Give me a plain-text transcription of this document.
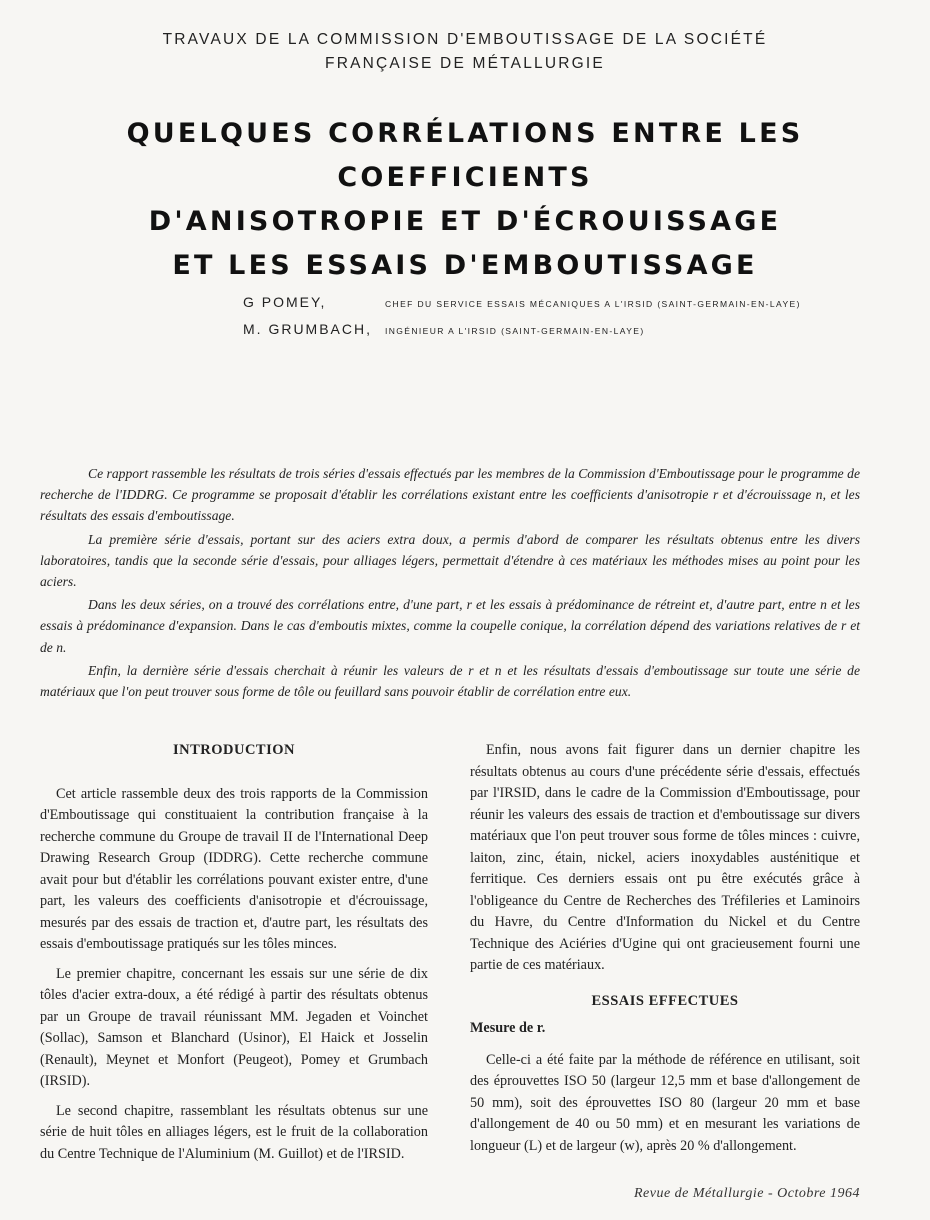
TRAVAUX DE LA COMMISSION D'EMBOUTISSAGE DE LA SOCIÉTÉ
FRANÇAISE DE MÉTALLURGIE
QUELQUES CORRÉLATIONS ENTRE LES COEFFICIENTS
D'ANISOTROPIE ET D'ÉCROUISSAGE
ET LES ESSAIS D'EMBOUTISSAGE
G POMEY,	CHEF DU SERVICE ESSAIS MÉCANIQUES A L'IRSID (SAINT-GERMAIN-EN-LAYE)
M. GRUMBACH,	INGÉNIEUR A L'IRSID (SAINT-GERMAIN-EN-LAYE)

Ce rapport rassemble les résultats de trois séries d'essais effectués par les membres de la Commission d'Emboutissage pour le programme de recherche de l'IDDRG. Ce programme se proposait d'établir les corrélations existant entre les coefficients d'anisotropie r et d'écrouissage n, et les résultats des essais d'emboutissage.

La première série d'essais, portant sur des aciers extra doux, a permis d'abord de comparer les résultats obtenus entre les divers laboratoires, tandis que la seconde série d'essais, pour alliages légers, permettait d'étendre à ces matériaux les méthodes mises au point pour les aciers.

Dans les deux séries, on a trouvé des corrélations entre, d'une part, r et les essais à prédominance de rétreint et, d'autre part, entre n et les essais à prédominance d'expansion. Dans le cas d'emboutis mixtes, comme la coupelle conique, la corrélation dépend des variations relatives de r et de n.

Enfin, la dernière série d'essais cherchait à réunir les valeurs de r et n et les résultats d'essais d'emboutissage sur toute une série de matériaux que l'on peut trouver sous forme de tôle ou feuillard sans pouvoir établir de corrélation entre eux.

INTRODUCTION

Cet article rassemble deux des trois rapports de la Commission d'Emboutissage qui constituaient la contribution française à la recherche commune du Groupe de travail II de l'International Deep Drawing Research Group (IDDRG). Cette recherche commune avait pour but d'établir les corrélations pouvant exister entre, d'une part, les valeurs des coefficients d'anisotropie et d'écrouissage, mesurés par des essais de traction et, d'autre part, les résultats des essais d'emboutissage pratiqués sur les tôles minces.

Le premier chapitre, concernant les essais sur une série de dix tôles d'acier extra-doux, a été rédigé à partir des résultats obtenus par un Groupe de travail réunissant MM. Jegaden et Voinchet (Sollac), Samson et Blanchard (Usinor), El Haick et Josselin (Renault), Meynet et Monfort (Peugeot), Pomey et Grumbach (IRSID).

Le second chapitre, rassemblant les résultats obtenus sur une série de huit tôles en alliages légers, est le fruit de la collaboration du Centre Technique de l'Aluminium (M. Guillot) et de l'IRSID.

Enfin, nous avons fait figurer dans un dernier chapitre les résultats obtenus au cours d'une précédente série d'essais, effectués par l'IRSID, dans le cadre de la Commission d'Emboutissage, pour réunir les valeurs des essais de traction et d'emboutissage sur divers matériaux que l'on peut trouver sous forme de tôles minces : cuivre, laiton, zinc, étain, nickel, aciers inoxydables austénitique et ferritique. Ces derniers essais ont pu être exécutés grâce à l'obligeance du Centre de Recherches des Tréfileries et Laminoirs du Havre, du Centre d'Information du Nickel et du Centre Technique des Aciéries d'Ugine qui ont gracieusement fourni une partie de ces matériaux.

ESSAIS EFFECTUES
Mesure de r.

Celle-ci a été faite par la méthode de référence en utilisant, soit des éprouvettes ISO 50 (largeur 12,5 mm et base d'allongement de 50 mm), soit des éprouvettes ISO 80 (largeur 20 mm et base d'allongement de 40 ou 50 mm) et en mesurant les variations de longueur (L) et de largeur (w), après 20 % d'allongement.

Revue de Métallurgie - Octobre 1964
